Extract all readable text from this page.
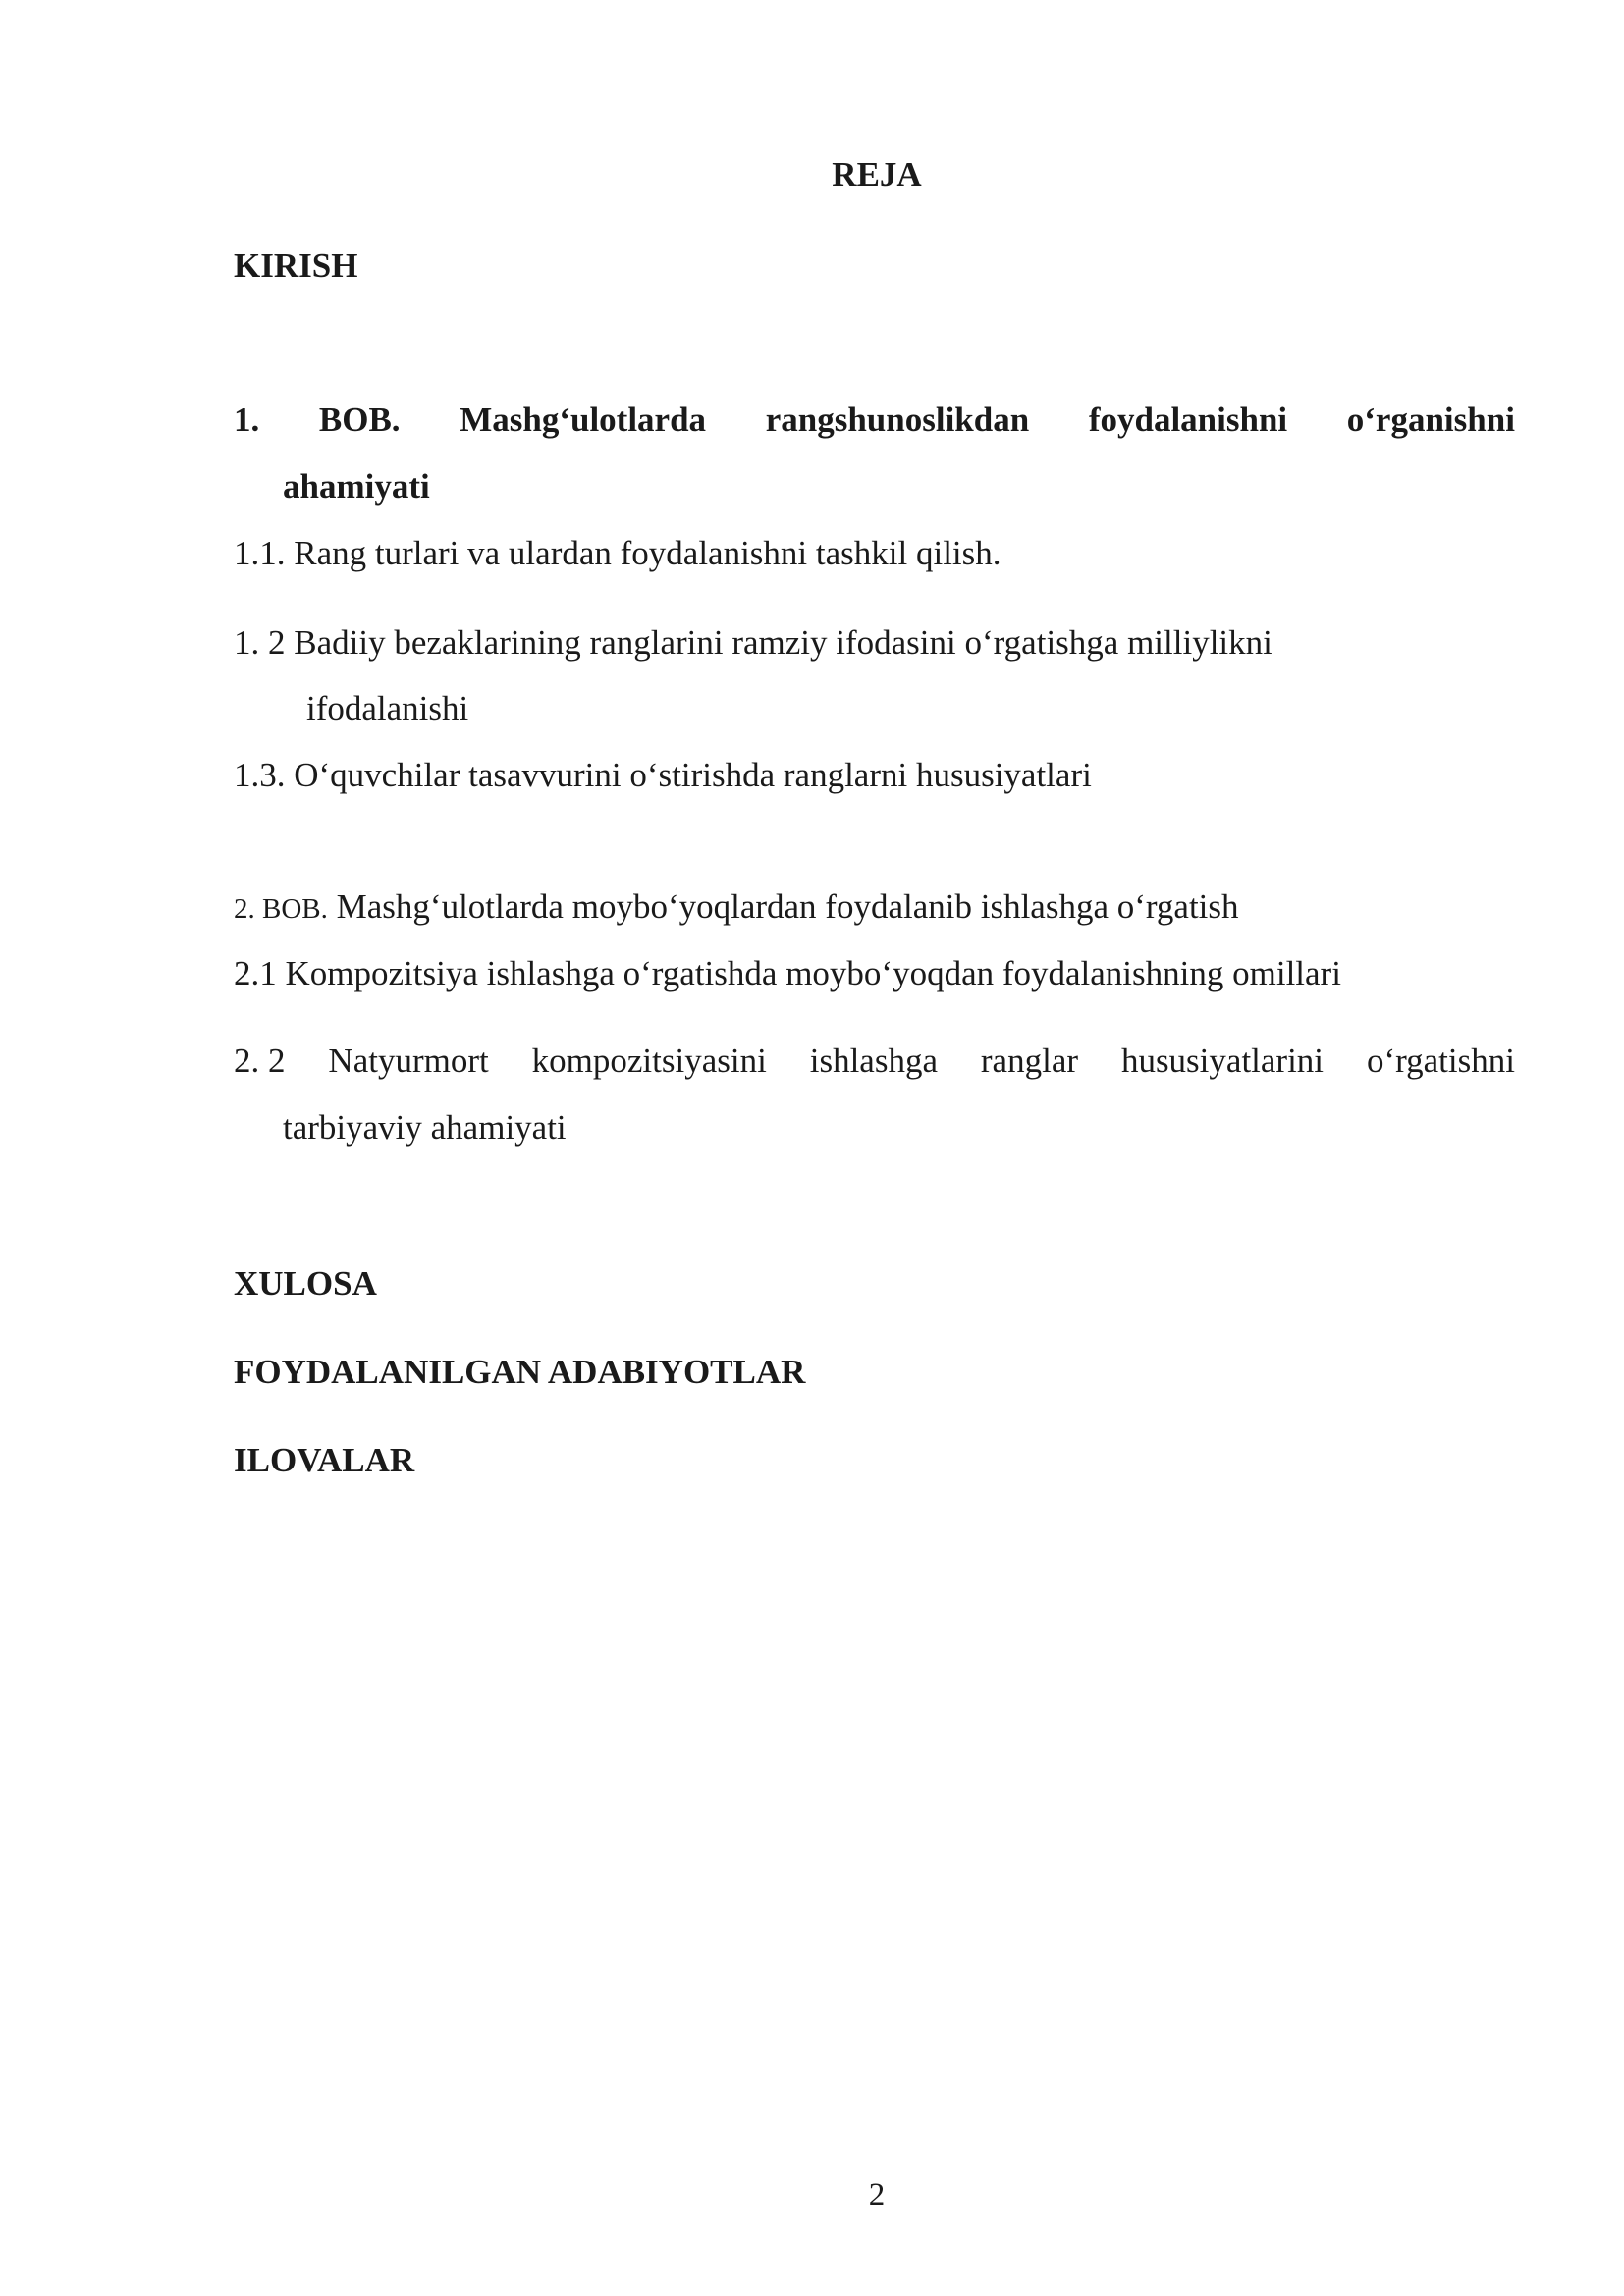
REJA
KIRISH
1. BOB. Mashgʻulotlarda rangshunoslikdan foydalanishni oʻrganishni
ahamiyati
1.1. Rang turlari va ulardan foydalanishni tashkil qilish.
1. 2 Badiiy bezaklarining ranglarini ramziy ifodasini oʻrgatishga milliylikni
ifodalanishi
1.3. Oʻquvchilar tasavvurini oʻstirishda ranglarni hususiyatlari
2. BOB. Mashgʻulotlarda moyboʻyoqlardan foydalanib ishlashga oʻrgatish
2.1 Kompozitsiya ishlashga oʻrgatishda moyboʻyoqdan foydalanishning omillari
2. 2 Natyurmort kompozitsiyasini ishlashga ranglar hususiyatlarini oʻrgatishni
tarbiyaviy ahamiyati
XULOSA
FOYDALANILGAN ADABIYOTLAR
ILOVALAR
2
